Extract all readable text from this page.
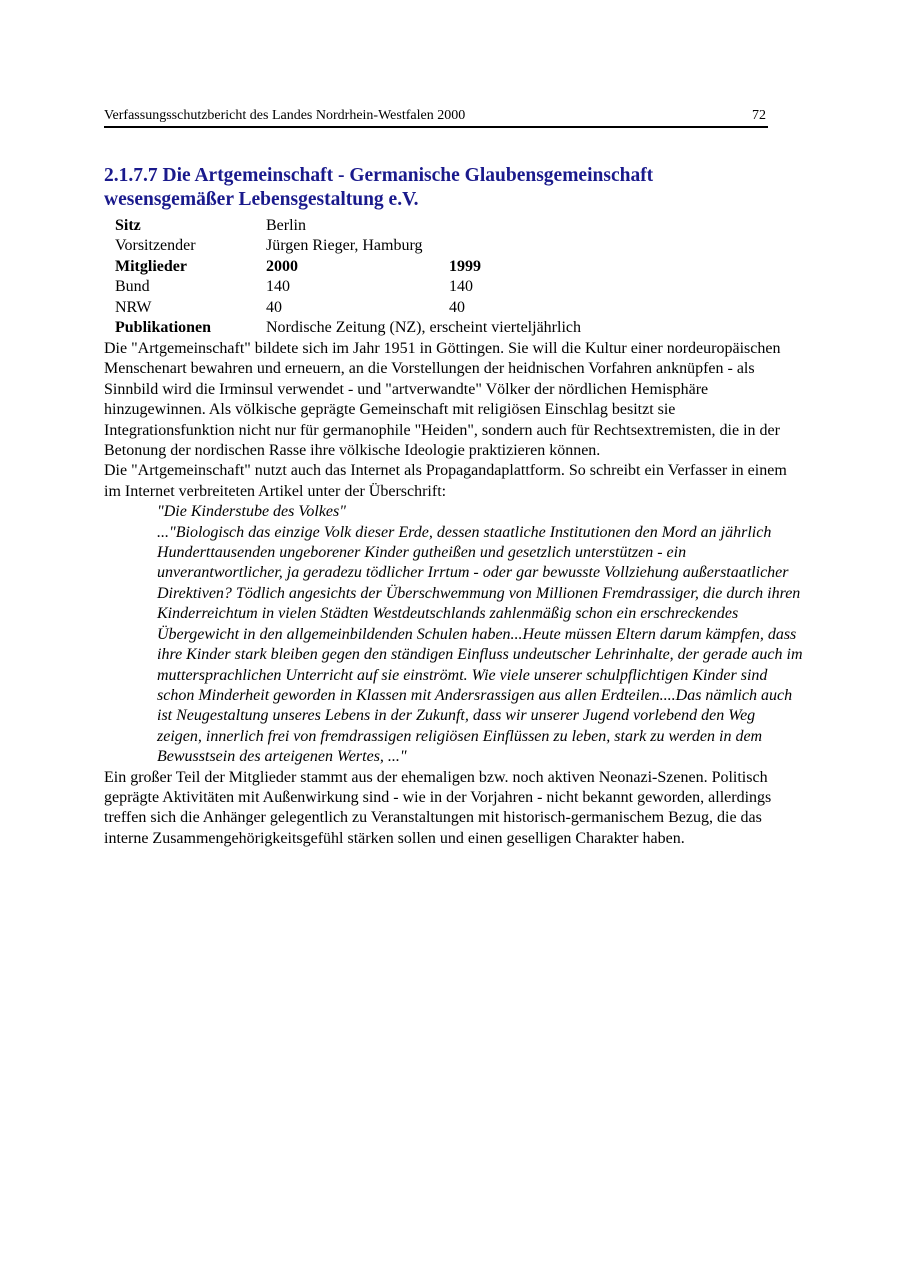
Verfassungsschutzbericht des Landes Nordrhein-Westfalen 2000	72
2.1.7.7 Die Artgemeinschaft - Germanische Glaubensgemeinschaft
wesensgemäßer Lebensgestaltung e.V.
Sitz	Berlin	
Vorsitzender	Jürgen Rieger, Hamburg	
Mitglieder	2000	1999
Bund	140	140
NRW	40	40
Publikationen	Nordische Zeitung (NZ), erscheint vierteljährlich	

Die "Artgemeinschaft" bildete sich im Jahr 1951 in Göttingen. Sie will die Kultur einer nordeuropäischen Menschenart bewahren und erneuern, an die Vorstellungen der heidnischen Vorfahren anknüpfen - als Sinnbild wird die Irminsul verwendet - und "artverwandte" Völker der nördlichen Hemisphäre hinzugewinnen. Als völkische geprägte Gemeinschaft mit religiösen Einschlag besitzt sie Integrationsfunktion nicht nur für germanophile "Heiden", sondern auch für Rechtsextremisten, die in der Betonung der nordischen Rasse ihre völkische Ideologie praktizieren können.

Die "Artgemeinschaft" nutzt auch das Internet als Propagandaplattform. So schreibt ein Verfasser in einem im Internet verbreiteten Artikel unter der Überschrift:

"Die Kinderstube des Volkes"

..."Biologisch das einzige Volk dieser Erde, dessen staatliche Institutionen den Mord an jährlich Hunderttausenden ungeborener Kinder gutheißen und gesetzlich unterstützen - ein unverantwortlicher, ja geradezu tödlicher Irrtum - oder gar bewusste Vollziehung außerstaatlicher Direktiven? Tödlich angesichts der Überschwemmung von Millionen Fremdrassiger, die durch ihren Kinderreichtum in vielen Städten Westdeutschlands zahlenmäßig schon ein erschreckendes Übergewicht in den allgemeinbildenden Schulen haben...Heute müssen Eltern darum kämpfen, dass ihre Kinder stark bleiben gegen den ständigen Einfluss undeutscher Lehrinhalte, der gerade auch im muttersprachlichen Unterricht auf sie einströmt. Wie viele unserer schulpflichtigen Kinder sind schon Minderheit geworden in Klassen mit Andersrassigen aus allen Erdteilen....Das nämlich auch ist Neugestaltung unseres Lebens in der Zukunft, dass wir unserer Jugend vorlebend den Weg zeigen, innerlich frei von fremdrassigen religiösen Einflüssen zu leben, stark zu werden in dem Bewusstsein des arteigenen Wertes, ..."

Ein großer Teil der Mitglieder stammt aus der ehemaligen bzw. noch aktiven Neonazi-Szenen. Politisch geprägte Aktivitäten mit Außenwirkung sind - wie in der Vorjahren - nicht bekannt geworden, allerdings treffen sich die Anhänger gelegentlich zu Veranstaltungen mit historisch-germanischem Bezug, die das interne Zusammengehörigkeitsgefühl stärken sollen und einen geselligen Charakter haben.
